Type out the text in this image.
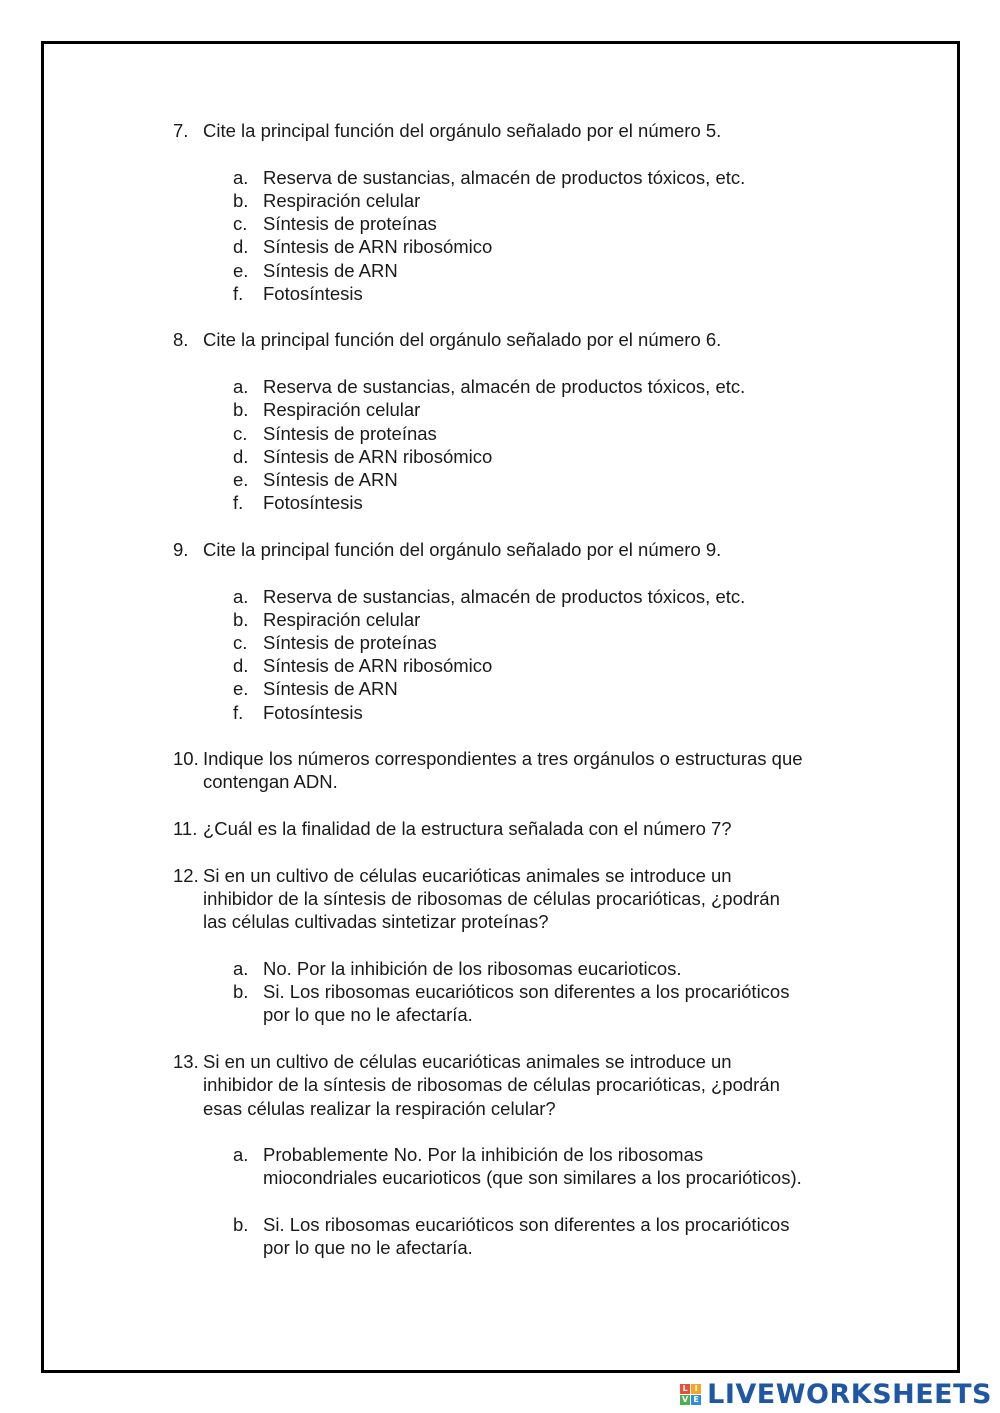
7. Cite la principal función del orgánulo señalado por el número 5.
a. Reserva de sustancias, almacén de productos tóxicos, etc.
b. Respiración celular
c. Síntesis de proteínas
d. Síntesis de ARN ribosómico
e. Síntesis de ARN
f. Fotosíntesis
8. Cite la principal función del orgánulo señalado por el número 6.
a. Reserva de sustancias, almacén de productos tóxicos, etc.
b. Respiración celular
c. Síntesis de proteínas
d. Síntesis de ARN ribosómico
e. Síntesis de ARN
f. Fotosíntesis
9. Cite la principal función del orgánulo señalado por el número 9.
a. Reserva de sustancias, almacén de productos tóxicos, etc.
b. Respiración celular
c. Síntesis de proteínas
d. Síntesis de ARN ribosómico
e. Síntesis de ARN
f. Fotosíntesis
10. Indique los números correspondientes a tres orgánulos o estructuras que
contengan ADN.
11. ¿Cuál es la finalidad de la estructura señalada con el número 7?
12. Si en un cultivo de células eucarióticas animales se introduce un
inhibidor de la síntesis de ribosomas de células procarióticas, ¿podrán
las células cultivadas sintetizar proteínas?
a. No. Por la inhibición de los ribosomas eucarioticos.
b. Si. Los ribosomas eucarióticos son diferentes a los procarióticos
por lo que no le afectaría.
13. Si en un cultivo de células eucarióticas animales se introduce un
inhibidor de la síntesis de ribosomas de células procarióticas, ¿podrán
esas células realizar la respiración celular?
a. Probablemente No. Por la inhibición de los ribosomas
miocondriales eucarioticos (que son similares a los procarióticos).
b. Si. Los ribosomas eucarióticos son diferentes a los procarióticos
por lo que no le afectaría.
L I
V E LIVEWORKSHEETS
